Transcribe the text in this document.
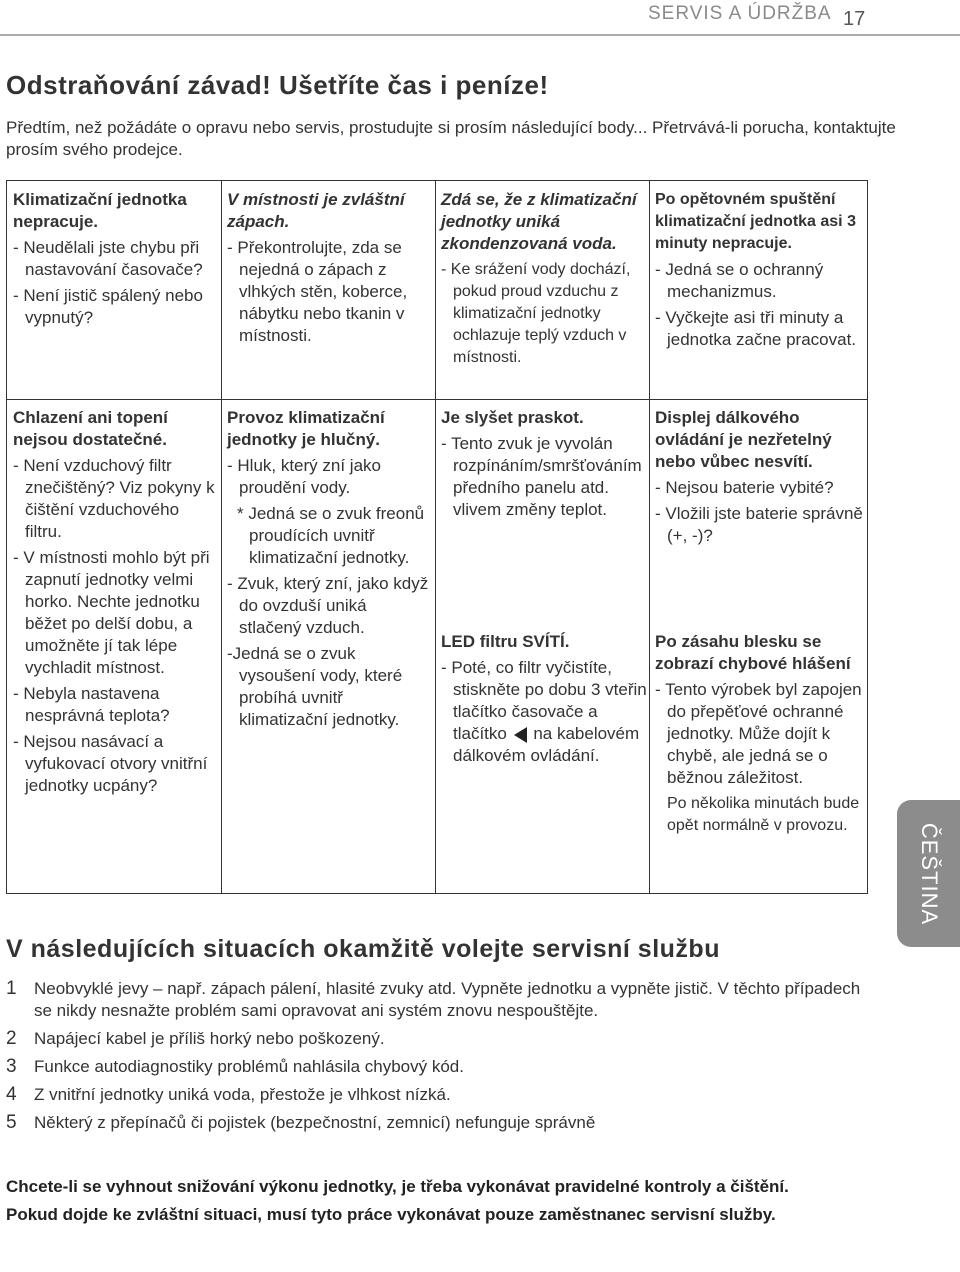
SERVIS A ÚDRŽBA 17
Odstraňování závad! Ušetříte čas i peníze!
Předtím, než požádáte o opravu nebo servis, prostudujte si prosím následující body... Přetrvává-li porucha, kontaktujte prosím svého prodejce.

Klimatizační jednotka nepracuje.

- Neudělali jste chybu při nastavování časovače?

- Není jistič spálený nebo vypnutý?

V místnosti je zvláštní zápach.

- Překontrolujte, zda se nejedná o zápach z vlhkých stěn, koberce, nábytku nebo tkanin v místnosti.

Zdá se, že z klimatizační jednotky uniká zkondenzovaná voda.

- Ke srážení vody dochází, pokud proud vzduchu z klimatizační jednotky ochlazuje teplý vzduch v místnosti.

Po opětovném spuštění klimatizační jednotka asi 3 minuty nepracuje.

- Jedná se o ochranný mechanizmus.

- Vyčkejte asi tři minuty a jednotka začne pracovat.

Chlazení ani topení nejsou dostatečné.

- Není vzduchový filtr znečištěný? Viz pokyny k čištění vzduchového filtru.

- V místnosti mohlo být při zapnutí jednotky velmi horko. Nechte jednotku běžet po delší dobu, a umožněte jí tak lépe vychladit místnost.

- Nebyla nastavena nesprávná teplota?

- Nejsou nasávací a vyfukovací otvory vnitřní jednotky ucpány?

Provoz klimatizační jednotky je hlučný.

- Hluk, který zní jako proudění vody.

* Jedná se o zvuk freonů proudících uvnitř klimatizační jednotky.

- Zvuk, který zní, jako když do ovzduší uniká stlačený vzduch.

-Jedná se o zvuk vysoušení vody, které probíhá uvnitř klimatizační jednotky.

Je slyšet praskot.

- Tento zvuk je vyvolán rozpínáním/smršťováním předního panelu atd. vlivem změny teplot.

LED filtru SVÍTÍ.

- Poté, co filtr vyčistíte, stiskněte po dobu 3 vteřin tlačítko časovače a tlačítko na kabelovém dálkovém ovládání.

Displej dálkového ovládání je nezřetelný nebo vůbec nesvítí.

- Nejsou baterie vybité?

- Vložili jste baterie správně (+, -)?

Po zásahu blesku se zobrazí chybové hlášení

- Tento výrobek byl zapojen do přepěťové ochranné jednotky. Může dojít k chybě, ale jedná se o běžnou záležitost.

Po několika minutách bude opět normálně v provozu.	ČEŠTINA
V následujících situacích okamžitě volejte servisní službu
1 Neobvyklé jevy – např. zápach pálení, hlasité zvuky atd. Vypněte jednotku a vypněte jistič. V těchto případech se nikdy nesnažte problém sami opravovat ani systém znovu nespouštějte.
2 Napájecí kabel je příliš horký nebo poškozený.
3 Funkce autodiagnostiky problémů nahlásila chybový kód.
4 Z vnitřní jednotky uniká voda, přestože je vlhkost nízká.
5 Některý z přepínačů či pojistek (bezpečnostní, zemnicí) nefunguje správně

Chcete-li se vyhnout snižování výkonu jednotky, je třeba vykonávat pravidelné kontroly a čištění.

Pokud dojde ke zvláštní situaci, musí tyto práce vykonávat pouze zaměstnanec servisní služby.
